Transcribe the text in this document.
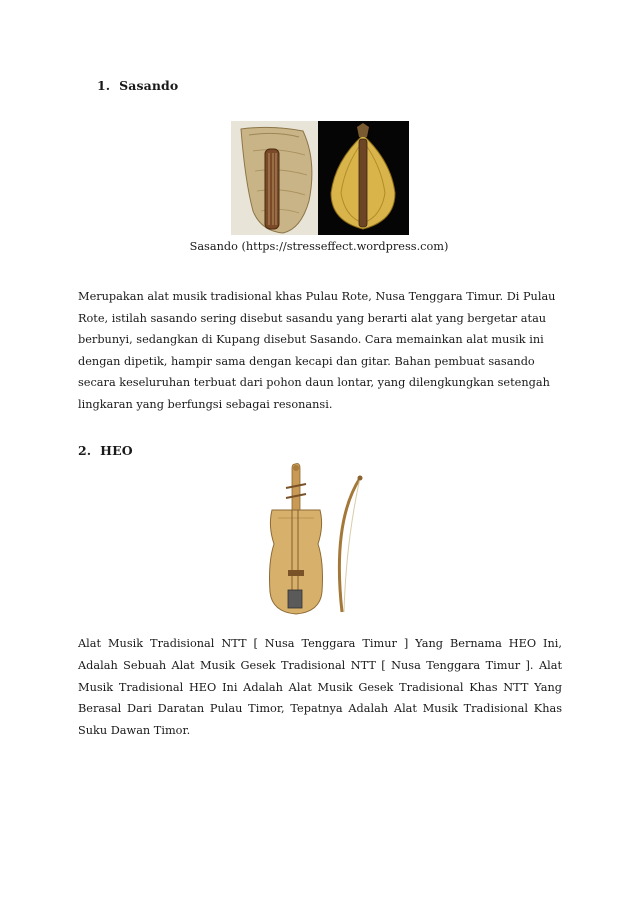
1. Sasando
Sasando (https://stresseffect.wordpress.com)

Merupakan alat musik tradisional khas Pulau Rote, Nusa Tenggara Timur. Di Pulau Rote, istilah sasando sering disebut sasandu yang berarti alat yang bergetar atau berbunyi, sedangkan di Kupang disebut Sasando. Cara memainkan alat musik ini dengan dipetik, hampir sama dengan kecapi dan gitar. Bahan pembuat sasando secara keseluruhan terbuat dari pohon daun lontar, yang dilengkungkan setengah lingkaran yang berfungsi sebagai resonansi.

2. HEO

Alat Musik Tradisional NTT [ Nusa Tenggara Timur ] Yang Bernama HEO Ini, Adalah Sebuah Alat Musik Gesek Tradisional NTT [ Nusa Tenggara Timur ]. Alat Musik Tradisional HEO Ini Adalah Alat Musik Gesek Tradisional Khas NTT Yang Berasal Dari Daratan Pulau Timor, Tepatnya Adalah Alat Musik Tradisional Khas Suku Dawan Timor.
